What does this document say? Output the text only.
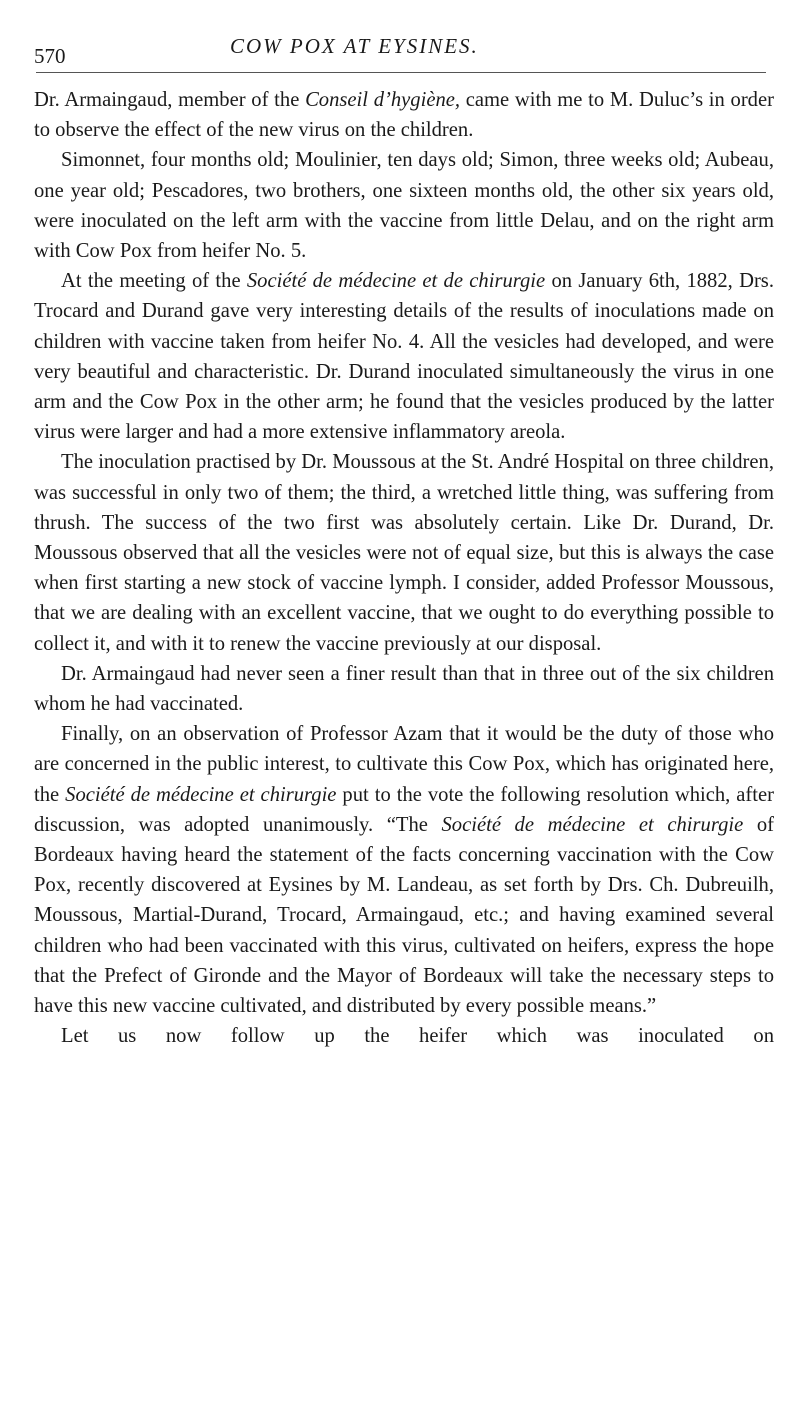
570	COW POX AT EYSINES.

Dr. Armaingaud, member of the Conseil d’hygiène, came with me to M. Duluc’s in order to observe the effect of the new virus on the children.

Simonnet, four months old; Moulinier, ten days old; Simon, three weeks old; Aubeau, one year old; Pescadores, two brothers, one sixteen months old, the other six years old, were inoculated on the left arm with the vaccine from little Delau, and on the right arm with Cow Pox from heifer No. 5.

At the meeting of the Société de médecine et de chirurgie on January 6th, 1882, Drs. Trocard and Durand gave very interesting details of the results of inoculations made on children with vaccine taken from heifer No. 4. All the vesicles had developed, and were very beautiful and characteristic. Dr. Durand inoculated simultaneously the virus in one arm and the Cow Pox in the other arm; he found that the vesicles produced by the latter virus were larger and had a more extensive inflammatory areola.

The inoculation practised by Dr. Moussous at the St. André Hospital on three children, was successful in only two of them; the third, a wretched little thing, was suffering from thrush. The success of the two first was absolutely certain. Like Dr. Durand, Dr. Moussous observed that all the vesicles were not of equal size, but this is always the case when first starting a new stock of vaccine lymph. I consider, added Professor Moussous, that we are dealing with an excellent vaccine, that we ought to do everything possible to collect it, and with it to renew the vaccine previously at our disposal.

Dr. Armaingaud had never seen a finer result than that in three out of the six children whom he had vaccinated.

Finally, on an observation of Professor Azam that it would be the duty of those who are concerned in the public interest, to cultivate this Cow Pox, which has originated here, the Société de médecine et chirurgie put to the vote the following resolution which, after discussion, was adopted unanimously. “The Société de médecine et chirurgie of Bordeaux having heard the statement of the facts concerning vaccination with the Cow Pox, recently discovered at Eysines by M. Landeau, as set forth by Drs. Ch. Dubreuilh, Moussous, Martial-Durand, Trocard, Armaingaud, etc.; and having examined several children who had been vaccinated with this virus, cultivated on heifers, express the hope that the Prefect of Gironde and the Mayor of Bordeaux will take the necessary steps to have this new vaccine cultivated, and distributed by every possible means.”

Let us now follow up the heifer which was inoculated on
